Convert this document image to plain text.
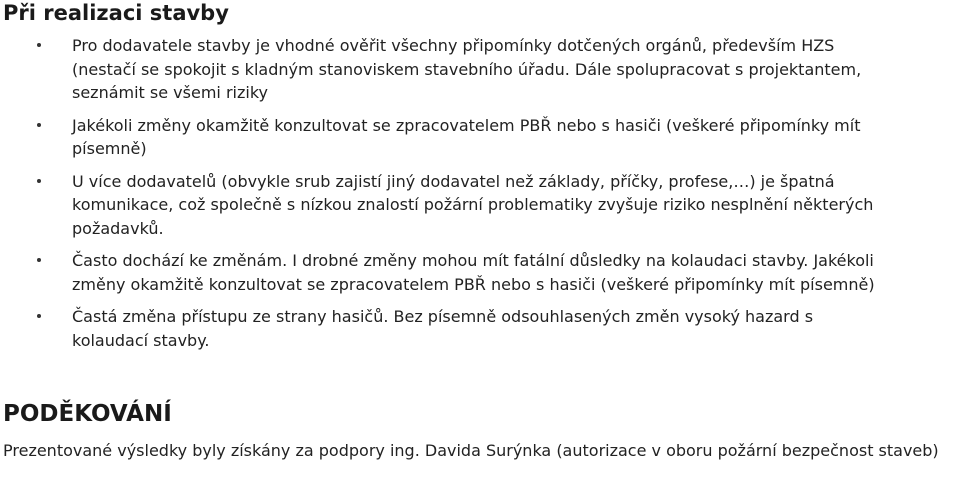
Při realizaci stavby
Pro dodavatele stavby je vhodné ověřit všechny připomínky dotčených orgánů, především HZS
(nestačí se spokojit s kladným stanoviskem stavebního úřadu. Dále spolupracovat s projektantem,
seznámit se všemi riziky
Jakékoli změny okamžitě konzultovat se zpracovatelem PBŘ nebo s hasiči (veškeré připomínky mít
písemně)
U více dodavatelů (obvykle srub zajistí jiný dodavatel než základy, příčky, profese,…) je špatná
komunikace, což společně s nízkou znalostí požární problematiky zvyšuje riziko nesplnění některých
požadavků.
Často dochází ke změnám. I drobné změny mohou mít fatální důsledky na kolaudaci stavby. Jakékoli
změny okamžitě konzultovat se zpracovatelem PBŘ nebo s hasiči (veškeré připomínky mít písemně)
Častá změna přístupu ze strany hasičů. Bez písemně odsouhlasených změn vysoký hazard s
kolaudací stavby.
PODĚKOVÁNÍ

Prezentované výsledky byly získány za podpory ing. Davida Surýnka (autorizace v oboru požární bezpečnost staveb)
